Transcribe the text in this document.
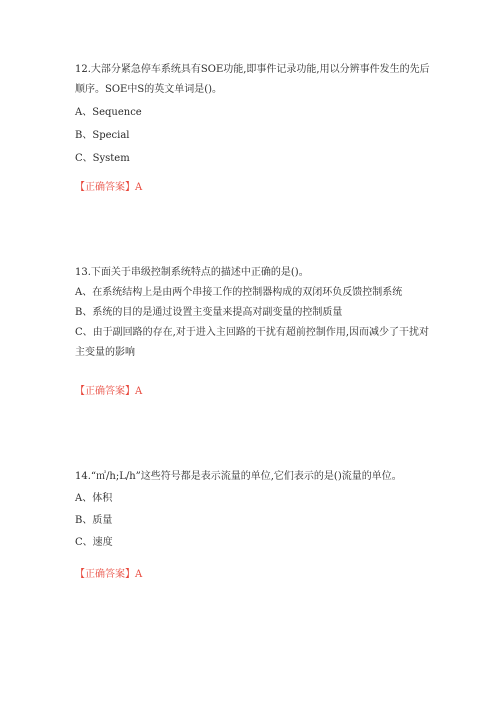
12.大部分紧急停车系统具有SOE功能,即事件记录功能,用以分辨事件发生的先后顺序。SOE中S的英文单词是()。

A、Sequence

B、Special

C、System

【正确答案】A

13.下面关于串级控制系统特点的描述中正确的是()。

A、在系统结构上是由两个串接工作的控制器构成的双闭环负反馈控制系统

B、系统的目的是通过设置主变量来提高对副变量的控制质量

C、由于副回路的存在,对于进入主回路的干扰有超前控制作用,因而减少了干扰对主变量的影响

【正确答案】A

14.“㎥/h;L/h”这些符号都是表示流量的单位,它们表示的是()流量的单位。

A、体积

B、质量

C、速度

【正确答案】A
